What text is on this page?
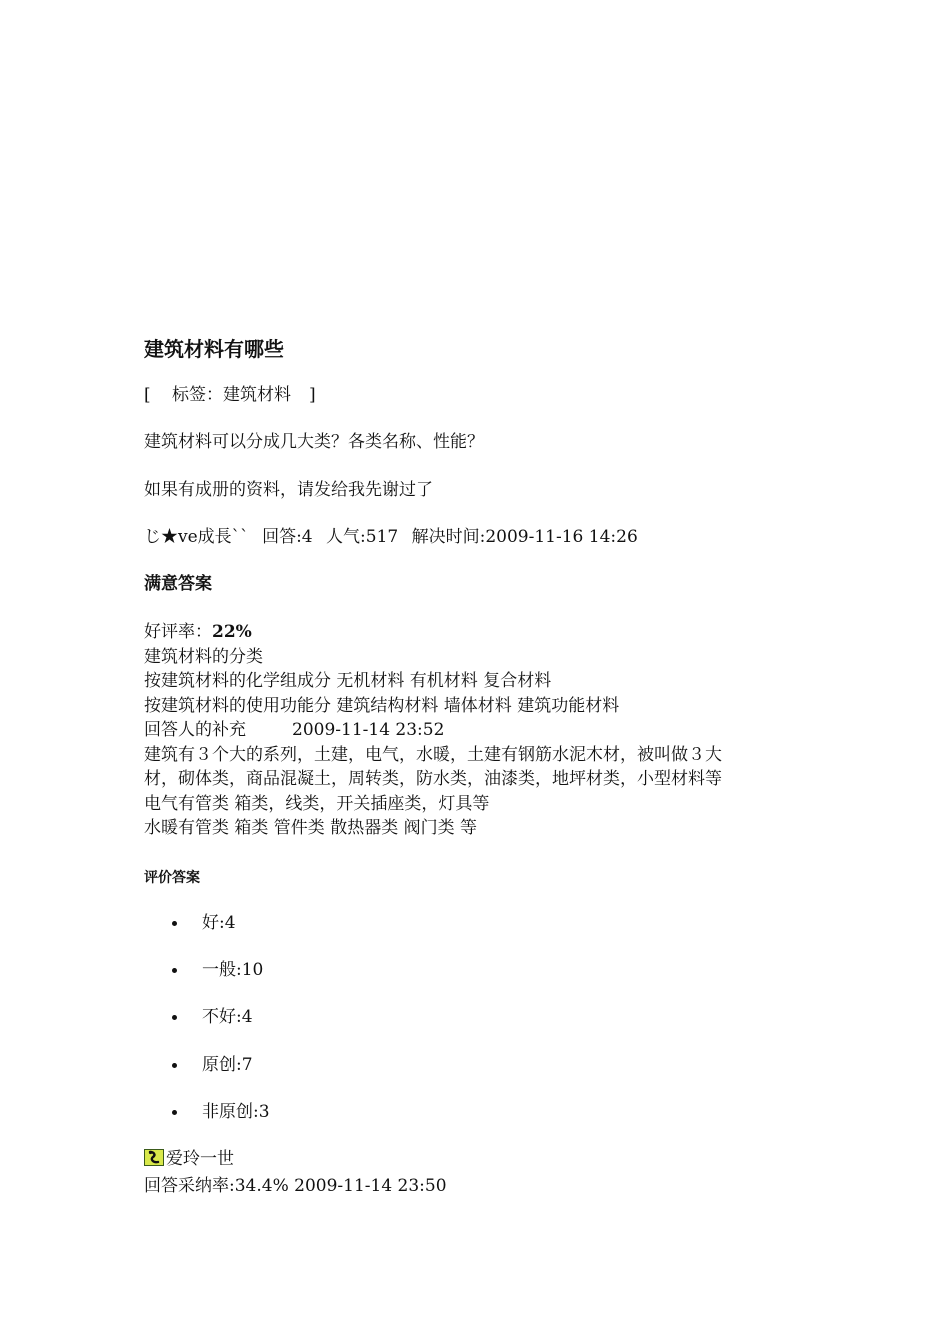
建筑材料有哪些
[ 标签：建筑材料 ]
建筑材料可以分成几大类？各类名称、性能？
如果有成册的资料，请发给我先谢过了
じ★ve成長`` 回答:4 人气:517 解决时间:2009-11-16 14:26
满意答案
好评率：22%
建筑材料的分类
按建筑材料的化学组成分 无机材料 有机材料 复合材料
按建筑材料的使用功能分 建筑结构材料 墙体材料 建筑功能材料
回答人的补充	2009-11-14 23:52
建筑有３个大的系列，土建，电气，水暖，土建有钢筋水泥木材，被叫做３大
材，砌体类，商品混凝土，周转类，防水类，油漆类，地坪材类，小型材料等
电气有管类 箱类，线类，开关插座类，灯具等
水暖有管类 箱类 管件类 散热器类 阀门类 等
评价答案
好:4
一般:10
不好:4
原创:7
非原创:3
爱玲一世
回答采纳率:34.4% 2009-11-14 23:50
